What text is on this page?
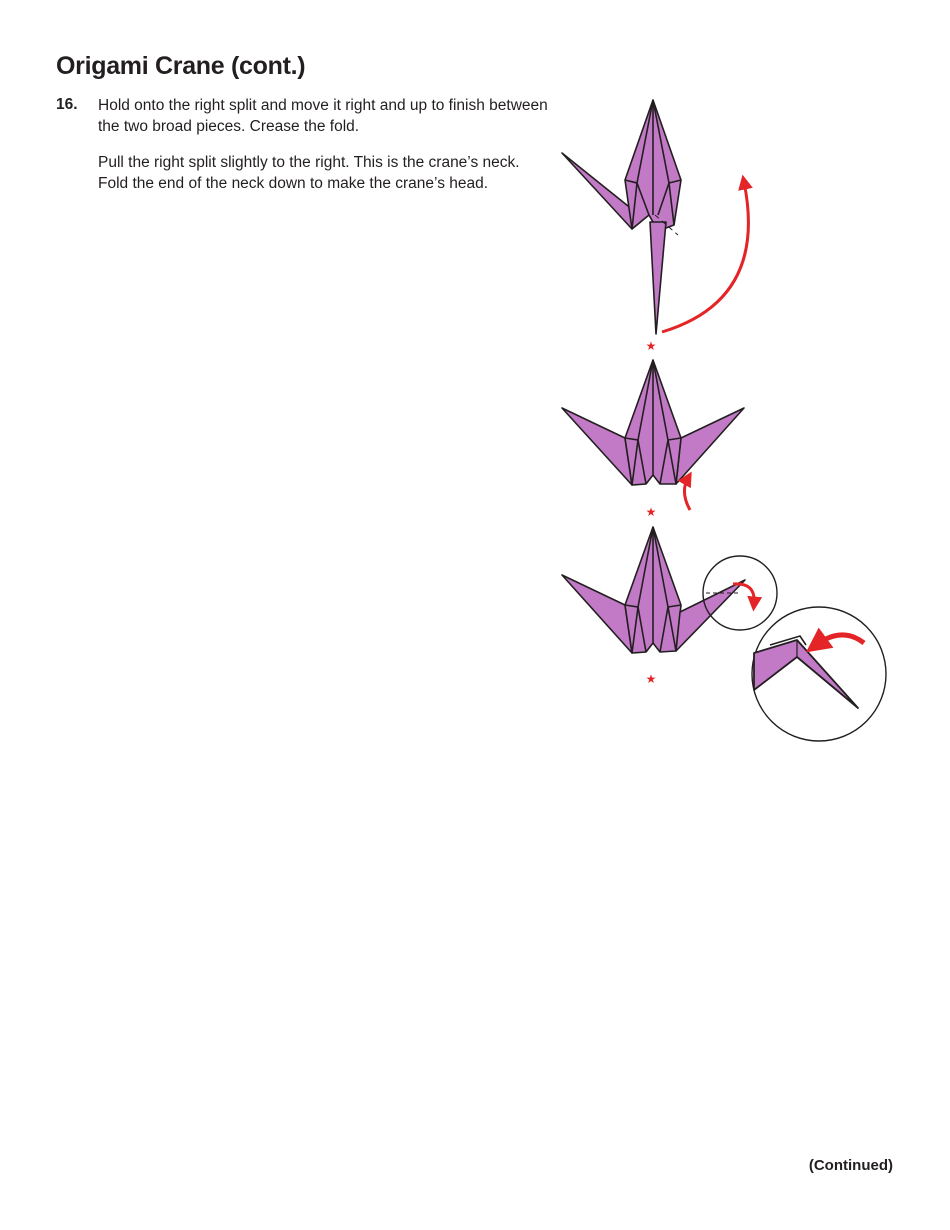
Origami Crane (cont.)
16. Hold onto the right split and move it right and up to finish between the two broad pieces. Crease the fold.

Pull the right split slightly to the right. This is the crane’s neck. Fold the end of the neck down to make the crane’s head.

★
★
★
(Continued)
